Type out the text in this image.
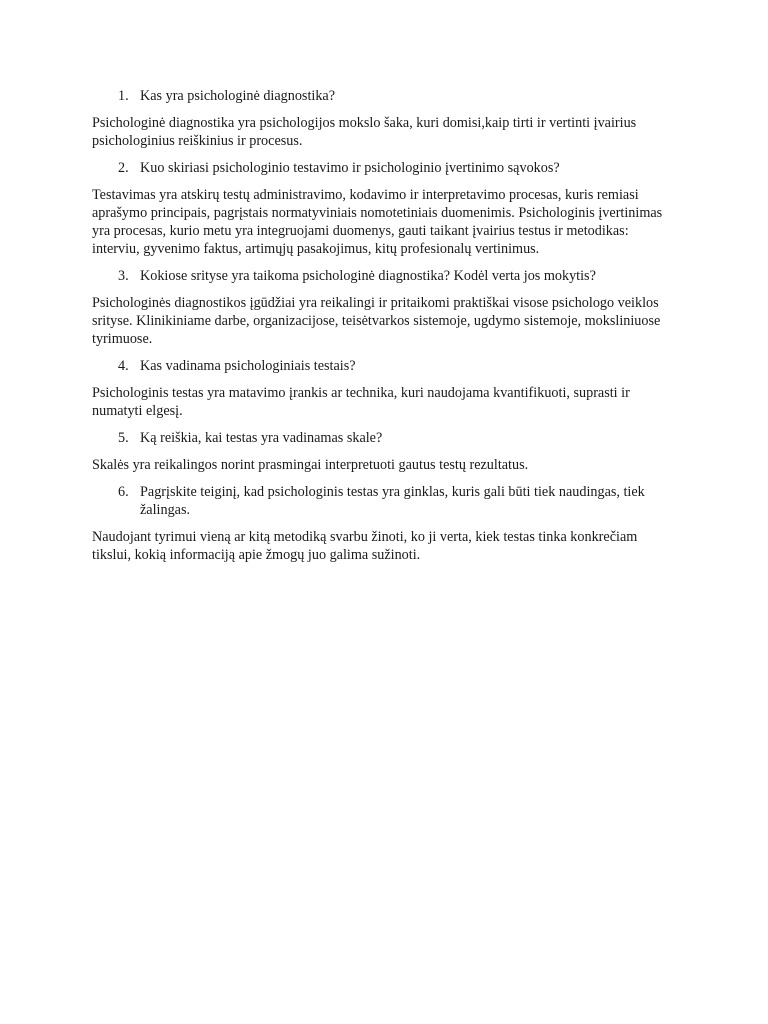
1. Kas yra psichologinė diagnostika?

Psichologinė diagnostika yra psichologijos mokslo šaka, kuri domisi,kaip tirti ir vertinti įvairius psichologinius reiškinius ir procesus.

2. Kuo skiriasi psichologinio testavimo ir psichologinio įvertinimo sąvokos?

Testavimas yra atskirų testų administravimo, kodavimo ir interpretavimo procesas, kuris remiasi aprašymo principais, pagrįstais normatyviniais nomotetiniais duomenimis. Psichologinis įvertinimas yra procesas, kurio metu yra integruojami duomenys, gauti taikant įvairius testus ir metodikas: interviu, gyvenimo faktus, artimųjų pasakojimus, kitų profesionalų vertinimus.

3. Kokiose srityse yra taikoma psichologinė diagnostika? Kodėl verta jos mokytis?

Psichologinės diagnostikos įgūdžiai yra reikalingi ir pritaikomi praktiškai visose psichologo veiklos srityse. Klinikiniame darbe, organizacijose, teisėtvarkos sistemoje, ugdymo sistemoje, moksliniuose tyrimuose.

4. Kas vadinama psichologiniais testais?

Psichologinis testas yra matavimo įrankis ar technika, kuri naudojama kvantifikuoti, suprasti ir numatyti elgesį.

5. Ką reiškia, kai testas yra vadinamas skale?

Skalės yra reikalingos norint prasmingai interpretuoti gautus testų rezultatus.

6. Pagrįskite teiginį, kad psichologinis testas yra ginklas, kuris gali būti tiek naudingas, tiek žalingas.

Naudojant tyrimui vieną ar kitą metodiką svarbu žinoti, ko ji verta, kiek testas tinka konkrečiam tikslui, kokią informaciją apie žmogų juo galima sužinoti.
